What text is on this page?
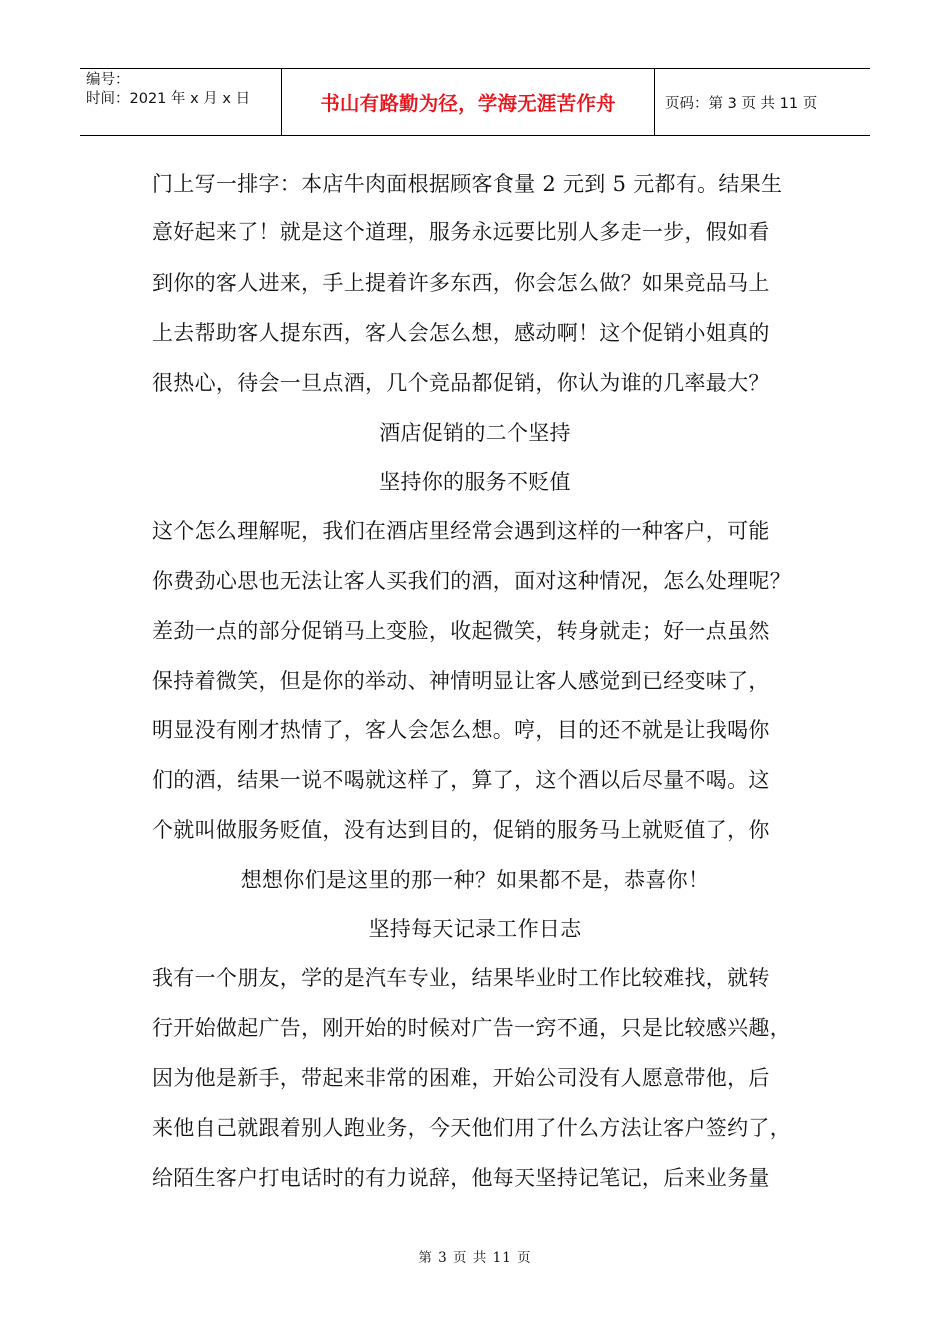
编号：
时间：2021 年 x 月 x 日	书山有路勤为径，学海无涯苦作舟	页码：第 3 页 共 11 页
门上写一排字：本店牛肉面根据顾客食量 2 元到 5 元都有。结果生
意好起来了！就是这个道理，服务永远要比别人多走一步，假如看
到你的客人进来，手上提着许多东西，你会怎么做？如果竞品马上
上去帮助客人提东西，客人会怎么想，感动啊！这个促销小姐真的
很热心，待会一旦点酒，几个竞品都促销，你认为谁的几率最大？
酒店促销的二个坚持
坚持你的服务不贬值
这个怎么理解呢，我们在酒店里经常会遇到这样的一种客户，可能
你费劲心思也无法让客人买我们的酒，面对这种情况，怎么处理呢？
差劲一点的部分促销马上变脸，收起微笑，转身就走；好一点虽然
保持着微笑，但是你的举动、神情明显让客人感觉到已经变味了，
明显没有刚才热情了，客人会怎么想。哼，目的还不就是让我喝你
们的酒，结果一说不喝就这样了，算了，这个酒以后尽量不喝。这
个就叫做服务贬值，没有达到目的，促销的服务马上就贬值了，你
想想你们是这里的那一种？如果都不是，恭喜你！
坚持每天记录工作日志
我有一个朋友，学的是汽车专业，结果毕业时工作比较难找，就转
行开始做起广告，刚开始的时候对广告一窍不通，只是比较感兴趣，
因为他是新手，带起来非常的困难，开始公司没有人愿意带他，后
来他自己就跟着别人跑业务，今天他们用了什么方法让客户签约了，
给陌生客户打电话时的有力说辞，他每天坚持记笔记，后来业务量
第 3 页 共 11 页
